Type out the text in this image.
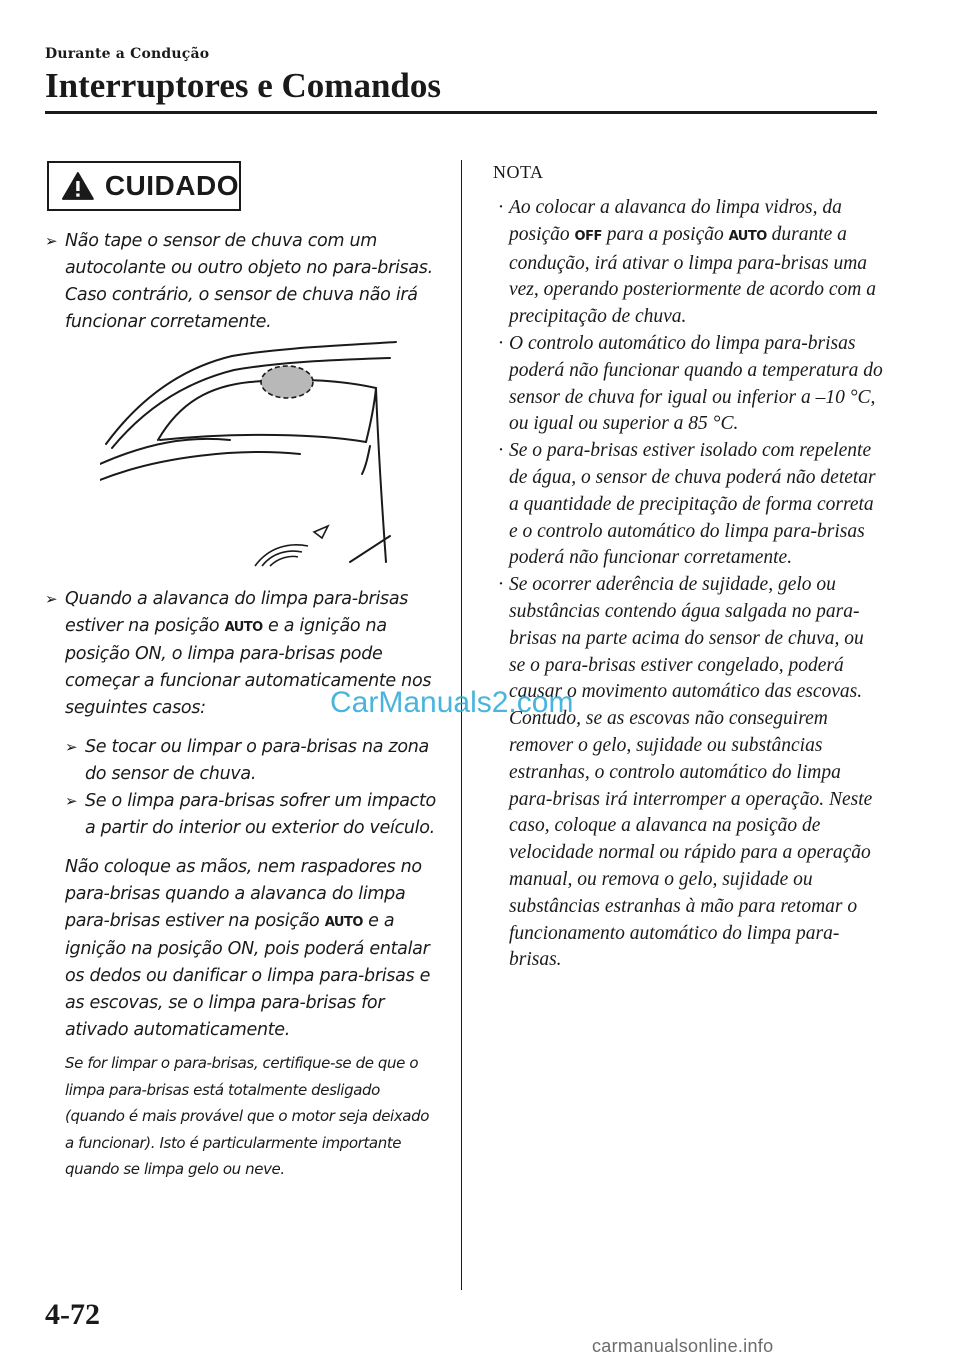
Durante a Condução
Interruptores e Comandos
CUIDADO
➢ Não tape o sensor de chuva com um autocolante ou outro objeto no para-brisas. Caso contrário, o sensor de chuva não irá funcionar corretamente.
➢ Quando a alavanca do limpa para-brisas estiver na posição AUTO e a ignição na posição ON, o limpa para-brisas pode começar a funcionar automaticamente nos seguintes casos:
➢ Se tocar ou limpar o para-brisas na zona do sensor de chuva.
➢ Se o limpa para-brisas sofrer um impacto a partir do interior ou exterior do veículo.
Não coloque as mãos, nem raspadores no para-brisas quando a alavanca do limpa para-brisas estiver na posição AUTO e a ignição na posição ON, pois poderá entalar os dedos ou danificar o limpa para-brisas e as escovas, se o limpa para-brisas for ativado automaticamente.
Se for limpar o para-brisas, certifique-se de que o limpa para-brisas está totalmente desligado (quando é mais provável que o motor seja deixado a funcionar). Isto é particularmente importante quando se limpa gelo ou neve.
NOTA
· Ao colocar a alavanca do limpa vidros, da posição OFF para a posição AUTO durante a condução, irá ativar o limpa para-brisas uma vez, operando posteriormente de acordo com a precipitação de chuva.
· O controlo automático do limpa para-brisas poderá não funcionar quando a temperatura do sensor de chuva for igual ou inferior a –10 °C, ou igual ou superior a 85 °C.
· Se o para-brisas estiver isolado com repelente de água, o sensor de chuva poderá não detetar a quantidade de precipitação de forma correta e o controlo automático do limpa para-brisas poderá não funcionar corretamente.
· Se ocorrer aderência de sujidade, gelo ou substâncias contendo água salgada no para-brisas na parte acima do sensor de chuva, ou se o para-brisas estiver congelado, poderá causar o movimento automático das escovas. Contudo, se as escovas não conseguirem remover o gelo, sujidade ou substâncias estranhas, o controlo automático do limpa para-brisas irá interromper a operação. Neste caso, coloque a alavanca na posição de velocidade normal ou rápido para a operação manual, ou remova o gelo, sujidade ou substâncias estranhas à mão para retomar o funcionamento automático do limpa para-brisas.
CarManuals2.com
4-72
carmanualsonline.info
